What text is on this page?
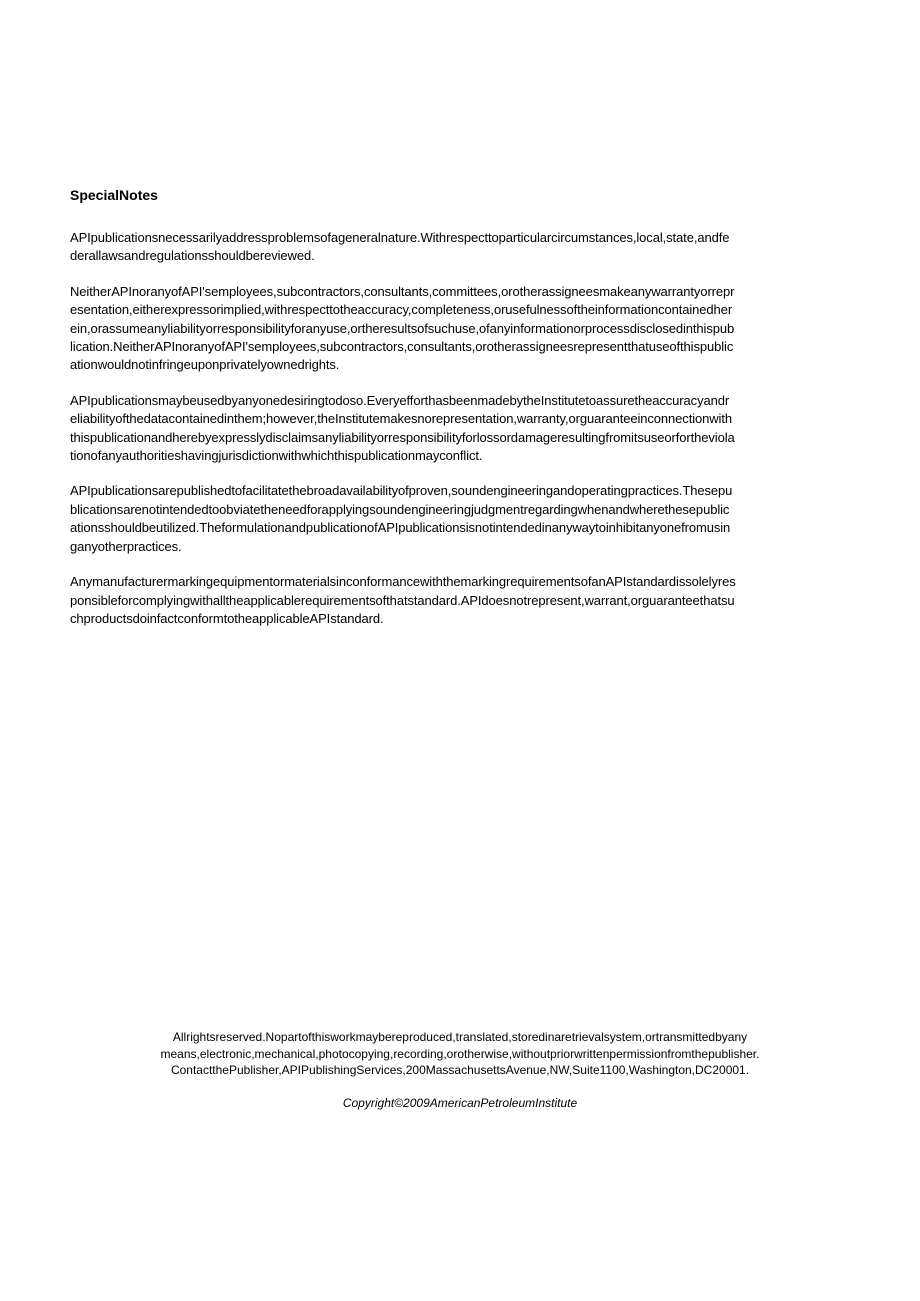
SpecialNotes

APIpublicationsnecessarilyaddressproblemsofageneralnature.Withrespecttoparticularcircumstances,local,state,andfe
derallawsandregulationsshouldbereviewed.

NeitherAPInoranyofAPI'semployees,subcontractors,consultants,committees,orotherassigneesmakeanywarrantyorrepr
esentation,eitherexpressorimplied,withrespecttotheaccuracy,completeness,orusefulnessoftheinformationcontainedher
ein,orassumeanyliabilityorresponsibilityforanyuse,ortheresultsofsuchuse,ofanyinformationorprocessdisclosedinthispub
lication.NeitherAPInoranyofAPI'semployees,subcontractors,consultants,orotherassigneesrepresentthatuseofthispublic
ationwouldnotinfringeuponprivatelyownedrights.

APIpublicationsmaybeusedbyanyonedesiringtodoso.EveryefforthasbeenmadebytheInstitutetoassuretheaccuracyandr
eliabilityofthedatacontainedinthem;however,theInstitutemakesnorepresentation,warranty,orguaranteeinconnectionwith
thispublicationandherebyexpresslydisclaimsanyliabilityorresponsibilityforlossordamageresultingfromitsuseorfortheviola
tionofanyauthoritieshavingjurisdictionwithwhichthispublicationmayconflict.

APIpublicationsarepublishedtofacilitatethebroadavailabilityofproven,soundengineeringandoperatingpractices.Thesepu
blicationsarenotintendedtoobviatetheneedforapplyingsoundengineeringjudgmentregardingwhenandwherethesepublic
ationsshouldbeutilized.TheformulationandpublicationofAPIpublicationsisnotintendedinanywaytoinhibitanyonefromusin
ganyotherpractices.

AnymanufacturermarkingequipmentormaterialsinconformancewiththemarkingrequirementsofanAPIstandardissolelyres
ponsibleforcomplyingwithalltheapplicablerequirementsofthatstandard.APIdoesnotrepresent,warrant,orguaranteethatsu
chproductsdoinfactconformtotheapplicableAPIstandard.

Allrightsreserved.Nopartofthisworkmaybereproduced,translated,storedinaretrievalsystem,ortransmittedbyany
means,electronic,mechanical,photocopying,recording,orotherwise,withoutpriorwrittenpermissionfromthepublisher.
ContactthePublisher,APIPublishingServices,200MassachusettsAvenue,NW,Suite1100,Washington,DC20001.
Copyright©2009AmericanPetroleumInstitute
